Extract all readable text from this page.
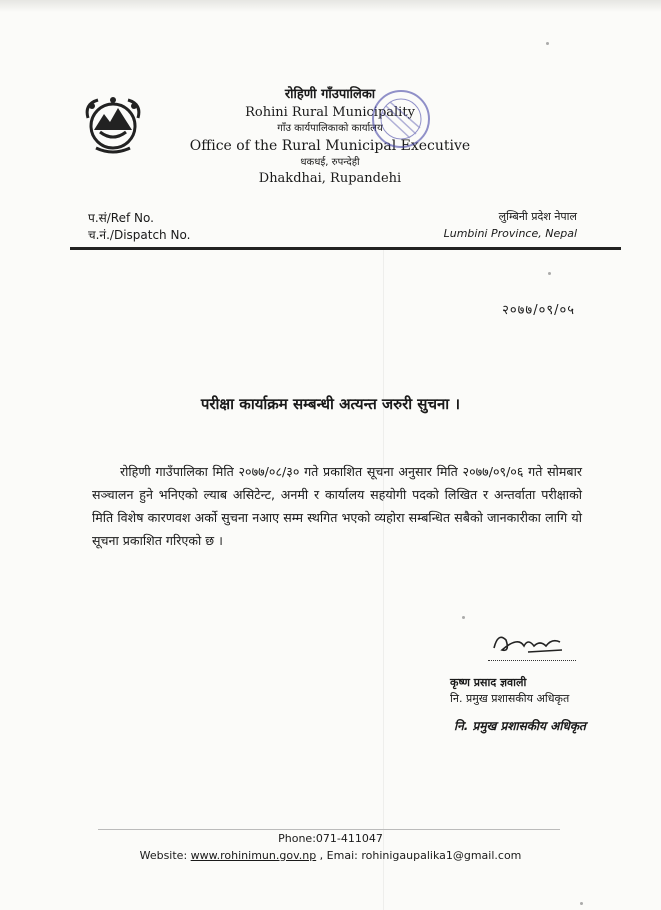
रोहिणी गाँउपालिका
Rohini Rural Municipality
गाँउ कार्यपालिकाको कार्यालय
Office of the Rural Municipal Executive
धकधई, रुपन्देही
Dhakdhai, Rupandehi
प.सं/Ref No.
च.नं./Dispatch No.
लुम्बिनी प्रदेश नेपाल
Lumbini Province, Nepal
२०७७/०९/०५
परीक्षा कार्याक्रम सम्बन्धी अत्यन्त जरुरी सुचना ।
रोहिणी गाउँपालिका मिति २०७७/०८/३० गते प्रकाशित सूचना अनुसार मिति २०७७/०९/०६ गते सोमबार सञ्चालन हुने भनिएको ल्याब असिटेन्ट, अनमी र कार्यालय सहयोगी पदको लिखित र अन्तर्वाता परीक्षाको मिति विशेष कारणवश अर्को सुचना नआए सम्म स्थगित भएको व्यहोरा सम्बन्धित सबैको जानकारीका लागि यो सूचना प्रकाशित गरिएको छ ।
कृष्ण प्रसाद ज्ञवाली
नि. प्रमुख प्रशासकीय अधिकृत
नि. प्रमुख प्रशासकीय अधिकृत
Phone:071-411047
Website: www.rohinimun.gov.np , Emai: rohinigaupalika1@gmail.com
